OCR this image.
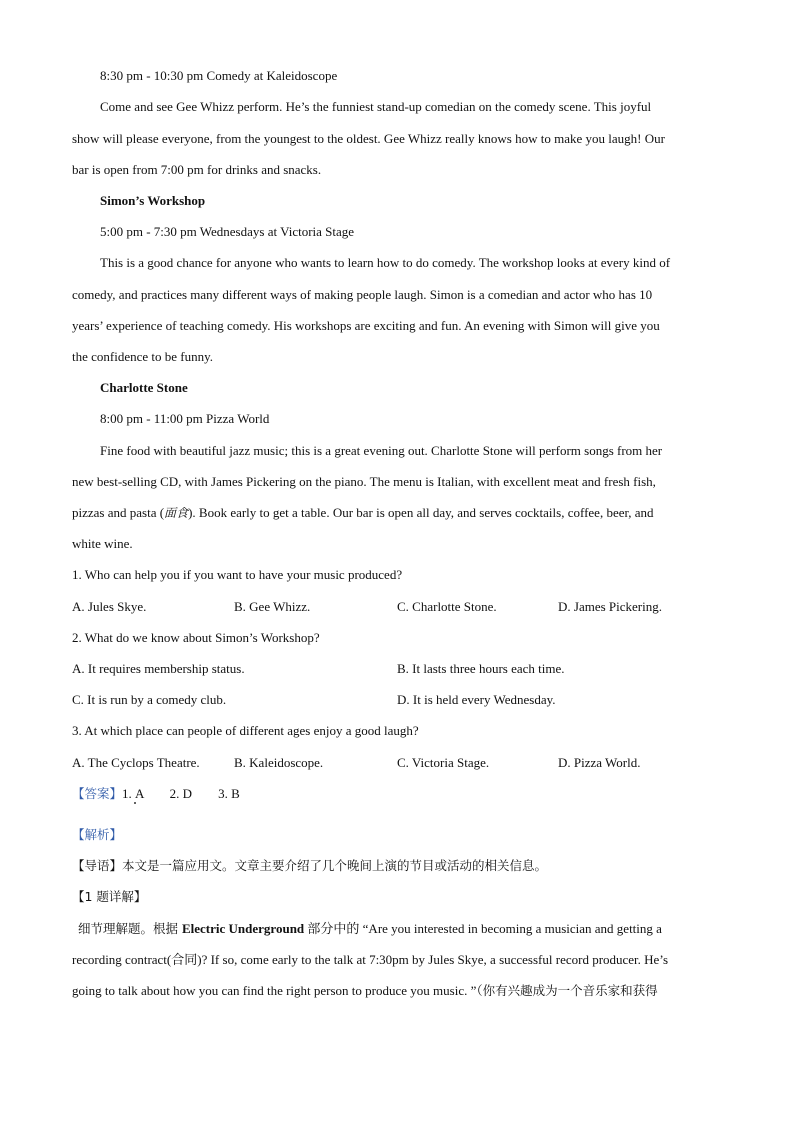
8:30 pm - 10:30 pm Comedy at Kaleidoscope
Come and see Gee Whizz perform. He’s the funniest stand-up comedian on the comedy scene. This joyful
show will please everyone, from the youngest to the oldest. Gee Whizz really knows how to make you laugh! Our
bar is open from 7:00 pm for drinks and snacks.
Simon’s Workshop
5:00 pm - 7:30 pm Wednesdays at Victoria Stage
This is a good chance for anyone who wants to learn how to do comedy. The workshop looks at every kind of
comedy, and practices many different ways of making people laugh. Simon is a comedian and actor who has 10
years’ experience of teaching comedy. His workshops are exciting and fun. An evening with Simon will give you
the confidence to be funny.
Charlotte Stone
8:00 pm - 11:00 pm Pizza World
Fine food with beautiful jazz music; this is a great evening out. Charlotte Stone will perform songs from her
new best-selling CD, with James Pickering on the piano. The menu is Italian, with excellent meat and fresh fish,
pizzas and pasta (面食). Book early to get a table. Our bar is open all day, and serves cocktails, coffee, beer, and
white wine.
1. Who can help you if you want to have your music produced?
A. Jules Skye.	B. Gee Whizz.	C. Charlotte Stone.	D. James Pickering.
2. What do we know about Simon’s Workshop?
A. It requires membership status.	B. It lasts three hours each time.
C. It is run by a comedy club.	D. It is held every Wednesday.
3. At which place can people of different ages enjoy a good laugh?
A. The Cyclops Theatre.	B. Kaleidoscope.	C. Victoria Stage.	D. Pizza World.
【答案】1. A        2. D        3. B
【解析】
【导语】本文是一篇应用文。文章主要介绍了几个晚间上演的节目或活动的相关信息。
【1 题详解】
细节理解题。根据 Electric Underground 部分中的 “Are you interested in becoming a musician and getting a
recording contract(合同)? If so, come early to the talk at 7:30pm by Jules Skye, a successful record producer. He’s
going to talk about how you can find the right person to produce you music. ”（你有兴趣成为一个音乐家和获得
